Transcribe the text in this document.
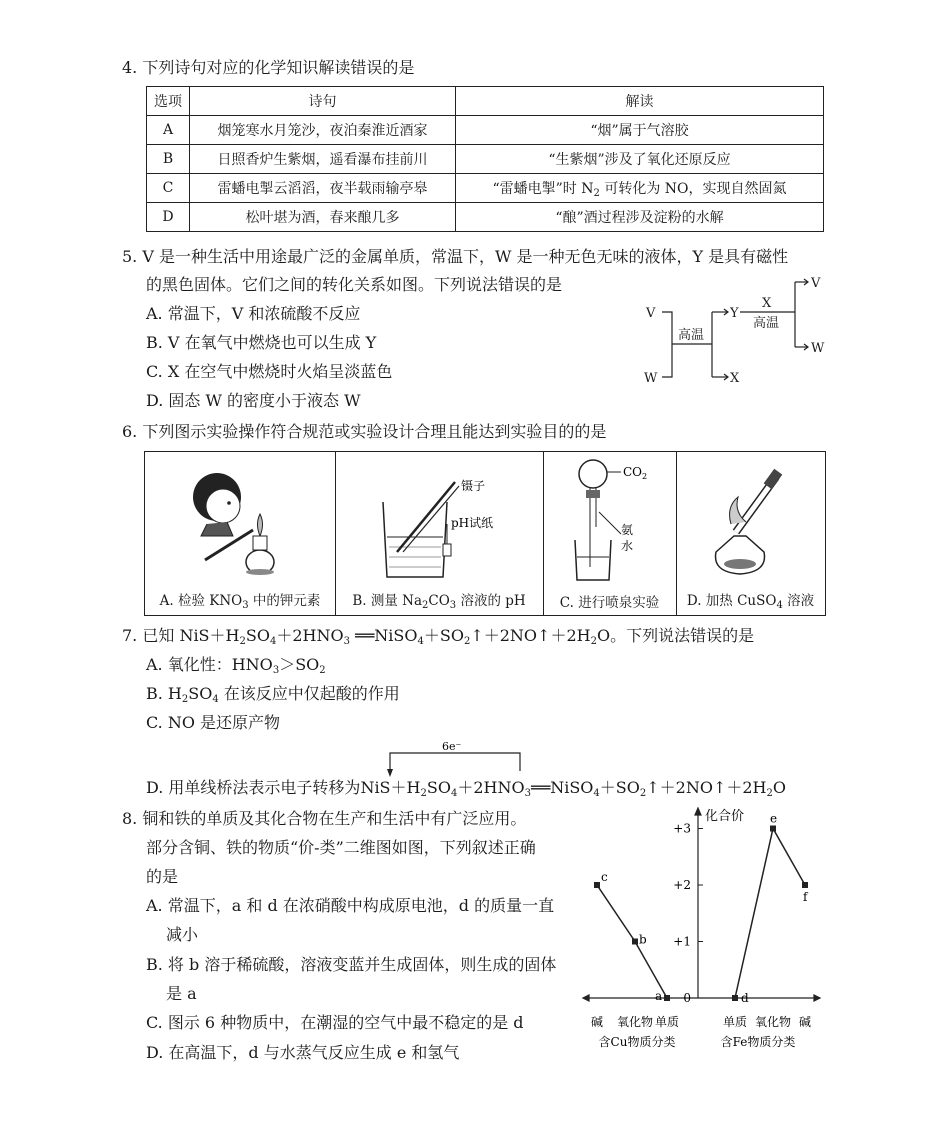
4. 下列诗句对应的化学知识解读错误的是
选项	诗句	解读
A	烟笼寒水月笼沙，夜泊秦淮近酒家	“烟”属于气溶胶
B	日照香炉生紫烟，遥看瀑布挂前川	“生紫烟”涉及了氧化还原反应
C	雷蟠电掣云滔滔，夜半载雨输亭皋	“雷蟠电掣”时 $N_2$ 可转化为 NO，实现自然固氮
D	松叶堪为酒，春来酿几多	“酿”酒过程涉及淀粉的水解
5. V 是一种生活中用途最广泛的金属单质，常温下，W 是一种无色无味的液体，Y 是具有磁性
的黑色固体。它们之间的转化关系如图。下列说法错误的是
A. 常温下，V 和浓硫酸不反应
B. V 在氧气中燃烧也可以生成 Y
C. X 在空气中燃烧时火焰呈淡蓝色
D. 固态 W 的密度小于液态 W
V
W
高温
Y
X
X
高温
V
W
6. 下列图示实验操作符合规范或实验设计合理且能达到实验目的的是
A. 检验 $KNO_3$ 中的钾元素
镊子
pH试纸
B. 测量 $Na_2CO_3$ 溶液的 pH
$CO_2$
氨
水
C. 进行喷泉实验	D. 加热 CuSO$_4$ 溶液
7. 已知 $NiS+H_2SO_4+2HNO_3$ $══NiSO_4+SO_2↑+2NO↑+2H_2O$。下列说法错误的是
A. 氧化性：$HNO_3>SO_2$
B. $H_2SO_4$ 在该反应中仅起酸的作用
C. NO 是还原产物
6e⁻
D. 用单线桥法表示电子转移为$NiS+H_2SO_4+2HNO_3══NiSO_4+SO_2↑+2NO↑+2H_2O$
8. 铜和铁的单质及其化合物在生产和生活中有广泛应用。
部分含铜、铁的物质“价-类”二维图如图，下列叙述正确
的是
A. 常温下，a 和 d 在浓硝酸中构成原电池，d 的质量一直
减小
B. 将 b 溶于稀硫酸，溶液变蓝并生成固体，则生成的固体
是 a
C. 图示 6 种物质中，在潮湿的空气中最不稳定的是 d
D. 在高温下，d 与水蒸气反应生成 e 和氢气
化合价
0
+1
+2
+3
c
b
a	d
e
f
碱 氧化物 单质	单质 氧化物 碱
含Cu物质分类	含Fe物质分类
